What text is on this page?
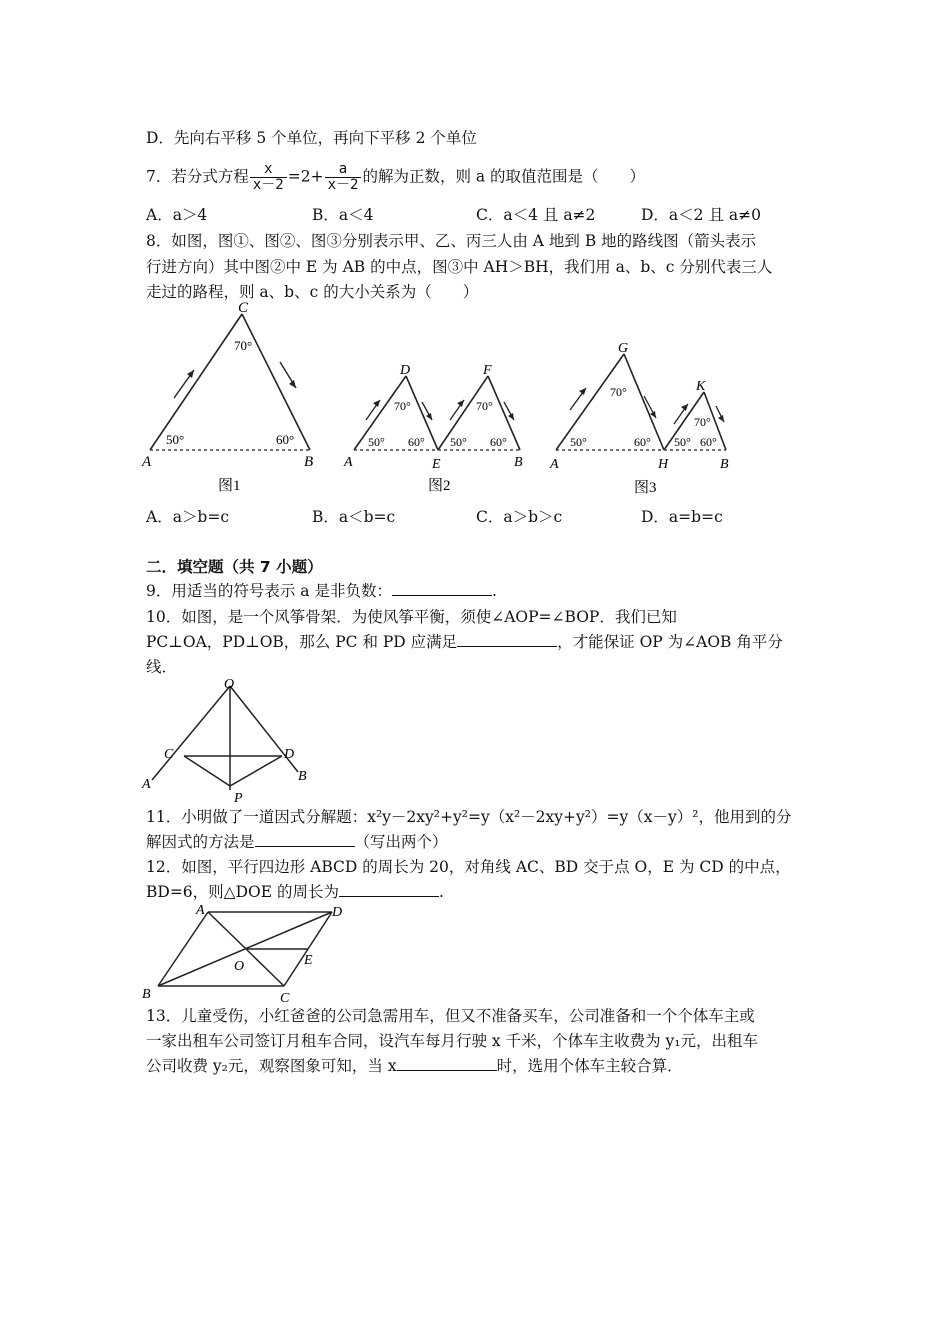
D．先向右平移 5 个单位，再向下平移 2 个单位
7．若分式方程 $\frac{x}{x-2} =2+ \frac{a}{x-2}$ 的解为正数，则 a 的取值范围是（　　）
A．a＞4	B．a＜4	C．a＜4 且 a≠2	D．a＜2 且 a≠0
8．如图，图①、图②、图③分别表示甲、乙、丙三人由 A 地到 B 地的路线图（箭头表示
行进方向）其中图②中 E 为 AB 的中点，图③中 AH＞BH，我们用 a、b、c 分别代表三人
走过的路程，则 a、b、c 的大小关系为（　　）
C
70°
50°	60°
A	B
图1
D	F
70°	70°
50° 60° 50° 60°
A	E	B
图2
G
K
70°
70°
50°	60° 50° 60°
A	H	B
图3
A．a＞b=c	B．a＜b=c	C．a＞b＞c	D．a=b=c
二．填空题（共 7 小题）
9．用适当的符号表示 a 是非负数：	.
10．如图，是一个风筝骨架．为使风筝平衡，须使∠AOP=∠BOP．我们已知
PC⊥OA，PD⊥OB，那么 PC 和 PD 应满足	，才能保证 OP 为∠AOB 角平分
线．
O
C	D
A
B
P
11．小明做了一道因式分解题：x²y－2xy²+y²=y（x²－2xy+y²）=y（x－y）²，他用到的分
解因式的方法是	（写出两个）
12．如图，平行四边形 ABCD 的周长为 20，对角线 AC、BD 交于点 O，E 为 CD 的中点，
BD=6，则△DOE 的周长为	.
A	D
O	E
B	C
13．儿童受伤，小红爸爸的公司急需用车，但又不准备买车，公司准备和一个个体车主或
一家出租车公司签订月租车合同，设汽车每月行驶 x 千米，个体车主收费为 y₁元，出租车
公司收费 y₂元，观察图象可知，当 x	时，选用个体车主较合算．
